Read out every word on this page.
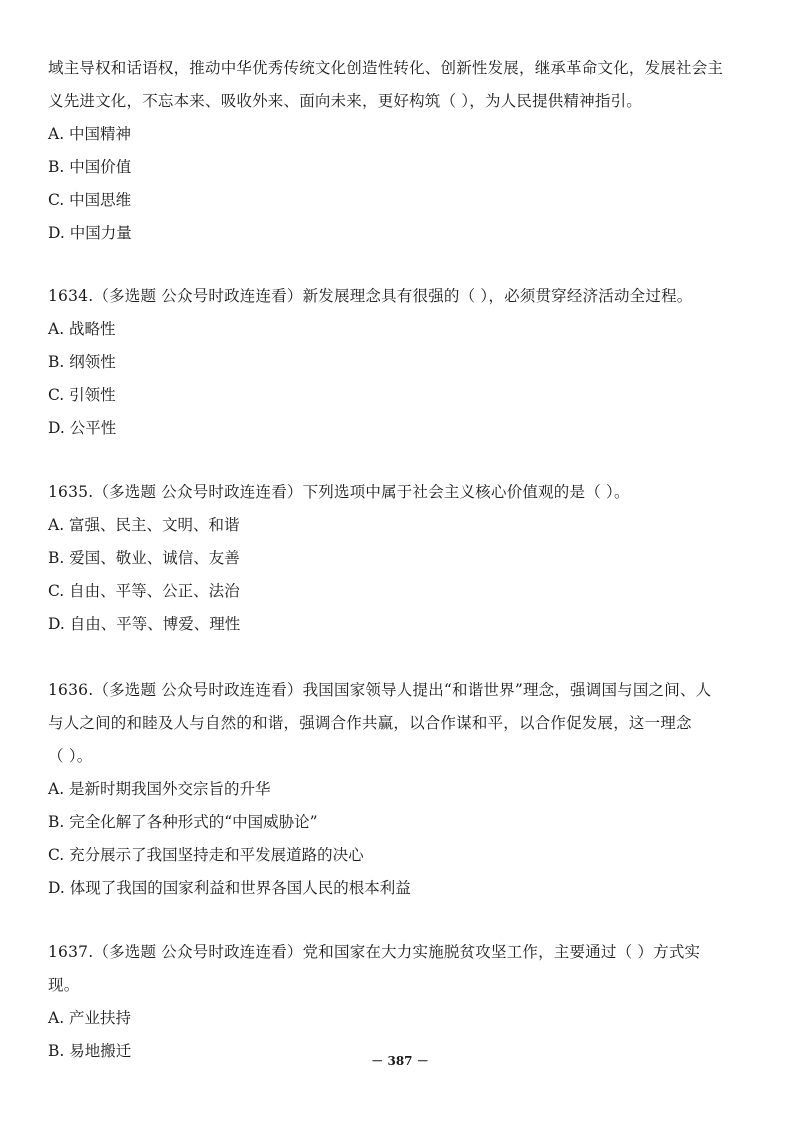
域主导权和话语权，推动中华优秀传统文化创造性转化、创新性发展，继承革命文化，发展社会主
义先进文化，不忘本来、吸收外来、面向未来，更好构筑（ ），为人民提供精神指引。
A. 中国精神
B. 中国价值
C. 中国思维
D. 中国力量
1634.（多选题 公众号时政连连看）新发展理念具有很强的（ ），必须贯穿经济活动全过程。
A. 战略性
B. 纲领性
C. 引领性
D. 公平性
1635.（多选题 公众号时政连连看）下列选项中属于社会主义核心价值观的是（ ）。
A. 富强、民主、文明、和谐
B. 爱国、敬业、诚信、友善
C. 自由、平等、公正、法治
D. 自由、平等、博爱、理性
1636.（多选题 公众号时政连连看）我国国家领导人提出“和谐世界”理念，强调国与国之间、人
与人之间的和睦及人与自然的和谐，强调合作共赢，以合作谋和平，以合作促发展，这一理念
（ ）。
A. 是新时期我国外交宗旨的升华
B. 完全化解了各种形式的“中国威胁论”
C. 充分展示了我国坚持走和平发展道路的决心
D. 体现了我国的国家利益和世界各国人民的根本利益
1637.（多选题 公众号时政连连看）党和国家在大力实施脱贫攻坚工作，主要通过（ ）方式实
现。
A. 产业扶持
B. 易地搬迁
－ 387 －
